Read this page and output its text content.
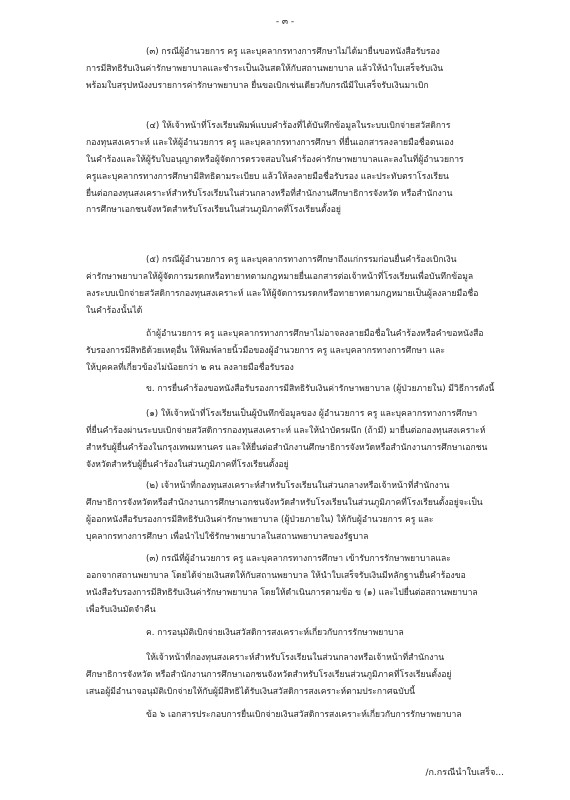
- ๓ -
(๓) กรณีผู้อำนวยการ ครู และบุคลากรทางการศึกษาไม่ได้มายื่นขอหนังสือรับรอง
การมีสิทธิรับเงินค่ารักษาพยาบาลและชำระเป็นเงินสดให้กับสถานพยาบาล แล้วให้นำใบเสร็จรับเงิน
พร้อมใบสรุปหนังงบรายการค่ารักษาพยาบาล ยื่นขอเบิกเช่นเดียวกับกรณีมีใบเสร็จรับเงินมาเบิก
(๔) ให้เจ้าหน้าที่โรงเรียนพิมพ์แบบคำร้องที่ได้บันทึกข้อมูลในระบบเบิกจ่ายสวัสดิการ
กองทุนสงเคราะห์ และให้ผู้อำนวยการ ครู และบุคลากรทางการศึกษา ที่ยื่นเอกสารลงลายมือชื่อตนเอง
ในคำร้องและให้ผู้รับใบอนุญาตหรือผู้จัดการตรวจสอบในคำร้องค่ารักษาพยาบาลและลงในที่ผู้อำนวยการ
ครูและบุคลากรทางการศึกษามีสิทธิตามระเบียบ แล้วให้ลงลายมือชื่อรับรอง และประทับตราโรงเรียน
ยื่นต่อกองทุนสงเคราะห์สำหรับโรงเรียนในส่วนกลางหรือที่สำนักงานศึกษาธิการจังหวัด หรือสำนักงาน
การศึกษาเอกชนจังหวัดสำหรับโรงเรียนในส่วนภูมิภาคที่โรงเรียนตั้งอยู่
(๕) กรณีผู้อำนวยการ ครู และบุคลากรทางการศึกษาถึงแก่กรรมก่อนยื่นคำร้องเบิกเงิน
ค่ารักษาพยาบาลให้ผู้จัดการมรดกหรือทายาทตามกฎหมายยื่นเอกสารต่อเจ้าหน้าที่โรงเรียนเพื่อบันทึกข้อมูล
ลงระบบเบิกจ่ายสวัสดิการกองทุนสงเคราะห์ และให้ผู้จัดการมรดกหรือทายาทตามกฎหมายเป็นผู้ลงลายมือชื่อ
ในคำร้องนั้นได้
ถ้าผู้อำนวยการ ครู และบุคลากรทางการศึกษาไม่อาจลงลายมือชื่อในคำร้องหรือคำขอหนังสือ
รับรองการมีสิทธิด้วยเหตุอื่น ให้พิมพ์ลายนิ้วมือของผู้อำนวยการ ครู และบุคลากรทางการศึกษา และ
ให้บุคคลที่เกี่ยวข้องไม่น้อยกว่า ๒ คน ลงลายมือชื่อรับรอง
ข. การยื่นคำร้องขอหนังสือรับรองการมีสิทธิรับเงินค่ารักษาพยาบาล (ผู้ป่วยภายใน) มีวิธีการดังนี้
(๑) ให้เจ้าหน้าที่โรงเรียนเป็นผู้บันทึกข้อมูลของ ผู้อำนวยการ ครู และบุคลากรทางการศึกษา
ที่ยื่นคำร้องผ่านระบบเบิกจ่ายสวัสดิการกองทุนสงเคราะห์ และให้นำบัตรผนึก (ถ้ามี) มายื่นต่อกองทุนสงเคราะห์
สำหรับผู้ยื่นคำร้องในกรุงเทพมหานคร และให้ยื่นต่อสำนักงานศึกษาธิการจังหวัดหรือสำนักงานการศึกษาเอกชน
จังหวัดสำหรับผู้ยื่นคำร้องในส่วนภูมิภาคที่โรงเรียนตั้งอยู่
(๒) เจ้าหน้าที่กองทุนสงเคราะห์สำหรับโรงเรียนในส่วนกลางหรือเจ้าหน้าที่สำนักงาน
ศึกษาธิการจังหวัดหรือสำนักงานการศึกษาเอกชนจังหวัดสำหรับโรงเรียนในส่วนภูมิภาคที่โรงเรียนตั้งอยู่จะเป็น
ผู้ออกหนังสือรับรองการมีสิทธิรับเงินค่ารักษาพยาบาล (ผู้ป่วยภายใน) ให้กับผู้อำนวยการ ครู และ
บุคลากรทางการศึกษา เพื่อนำไปใช้รักษาพยาบาลในสถานพยาบาลของรัฐบาล
(๓) กรณีที่ผู้อำนวยการ ครู และบุคลากรทางการศึกษา เข้ารับการรักษาพยาบาลและ
ออกจากสถานพยาบาล โดยได้จ่ายเงินสดให้กับสถานพยาบาล ให้นำใบเสร็จรับเงินมีหลักฐานยื่นคำร้องขอ
หนังสือรับรองการมีสิทธิรับเงินค่ารักษาพยาบาล โดยให้ดำเนินการตามข้อ ข (๑) และไปยื่นต่อสถานพยาบาล
เพื่อรับเงินมัดจำคืน
ค. การอนุมัติเบิกจ่ายเงินสวัสดิการสงเคราะห์เกี่ยวกับการรักษาพยาบาล
ให้เจ้าหน้าที่กองทุนสงเคราะห์สำหรับโรงเรียนในส่วนกลางหรือเจ้าหน้าที่สำนักงาน
ศึกษาธิการจังหวัด หรือสำนักงานการศึกษาเอกชนจังหวัดสำหรับโรงเรียนส่วนภูมิภาคที่โรงเรียนตั้งอยู่
เสนอผู้มีอำนาจอนุมัติเบิกจ่ายให้กับผู้มีสิทธิได้รับเงินสวัสดิการสงเคราะห์ตามประกาศฉบับนี้
ข้อ ๖ เอกสารประกอบการยื่นเบิกจ่ายเงินสวัสดิการสงเคราะห์เกี่ยวกับการรักษาพยาบาล
/ก.กรณีนำใบเสร็จ...
